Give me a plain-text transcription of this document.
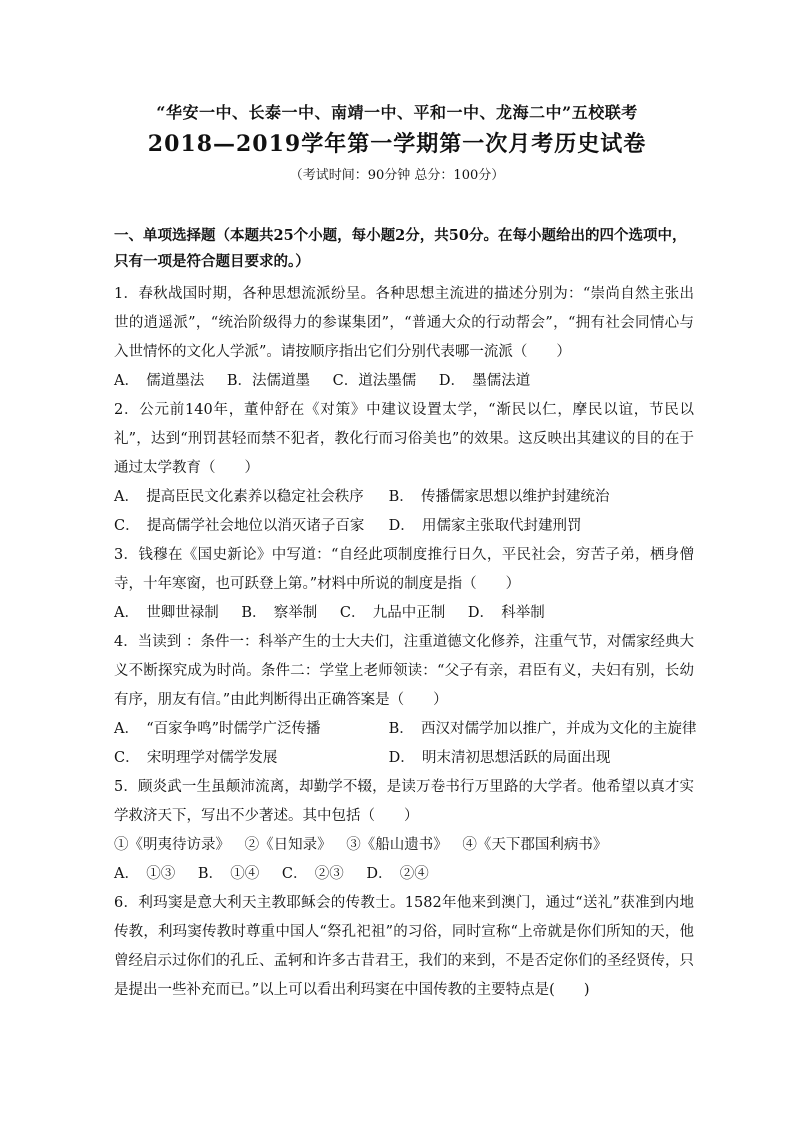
“华安一中、长泰一中、南靖一中、平和一中、龙海二中”五校联考
2018—2019学年第一学期第一次月考历史试卷
（考试时间：90分钟 总分：100分）
一、单项选择题（本题共25个小题，每小题2分，共50分。在每小题给出的四个选项中，只有一项是符合题目要求的。）

1．春秋战国时期，各种思想流派纷呈。各种思想主流进的描述分别为：“崇尚自然主张出世的逍遥派”，“统治阶级得力的参谋集团”，“普通大众的行动帮会”，“拥有社会同情心与入世情怀的文化人学派”。请按顺序指出它们分别代表哪一流派（　　）

A．　儒道墨法 B．法儒道墨 C．道法墨儒 D．　墨儒法道

2．公元前140年，董仲舒在《对策》中建议设置太学，“渐民以仁，摩民以谊，节民以礼”，达到“刑罚甚轻而禁不犯者，教化行而习俗美也”的效果。这反映出其建议的目的在于通过太学教育（　　）

A．　提高臣民文化素养以稳定社会秩序 B．　传播儒家思想以维护封建统治
C．　提高儒学社会地位以消灭诸子百家 D．　用儒家主张取代封建刑罚

3．钱穆在《国史新论》中写道：“自经此项制度推行日久，平民社会，穷苦子弟，栖身僧寺，十年寒窗，也可跃登上第。”材料中所说的制度是指（　　）

A．　世卿世禄制 B．　察举制 C．　九品中正制 D．　科举制

4．当读到 ：条件一：科举产生的士大夫们，注重道德文化修养，注重气节，对儒家经典大义不断探究成为时尚。条件二：学堂上老师领读：“父子有亲，君臣有义，夫妇有别，长幼有序，朋友有信。”由此判断得出正确答案是（　　）

A．　“百家争鸣”时儒学广泛传播	B．　西汉对儒学加以推广，并成为文化的主旋律
C．　宋明理学对儒学发展	D．　明末清初思想活跃的局面出现

5．顾炎武一生虽颠沛流离，却勤学不辍，是读万卷书行万里路的大学者。他希望以真才实学救济天下，写出不少著述。其中包括（　　）

①《明夷待访录》 ②《日知录》 ③《船山遗书》 ④《天下郡国利病书》
A．　①③ B．　①④ C．　②③ D．　②④

6．利玛窦是意大利天主教耶稣会的传教士。1582年他来到澳门，通过“送礼”获准到内地传教，利玛窦传教时尊重中国人“祭孔祀祖”的习俗，同时宣称“上帝就是你们所知的天，他曾经启示过你们的孔丘、孟轲和许多古昔君王，我们的来到，不是否定你们的圣经贤传，只是提出一些补充而已。”以上可以看出利玛窦在中国传教的主要特点是(　　)
